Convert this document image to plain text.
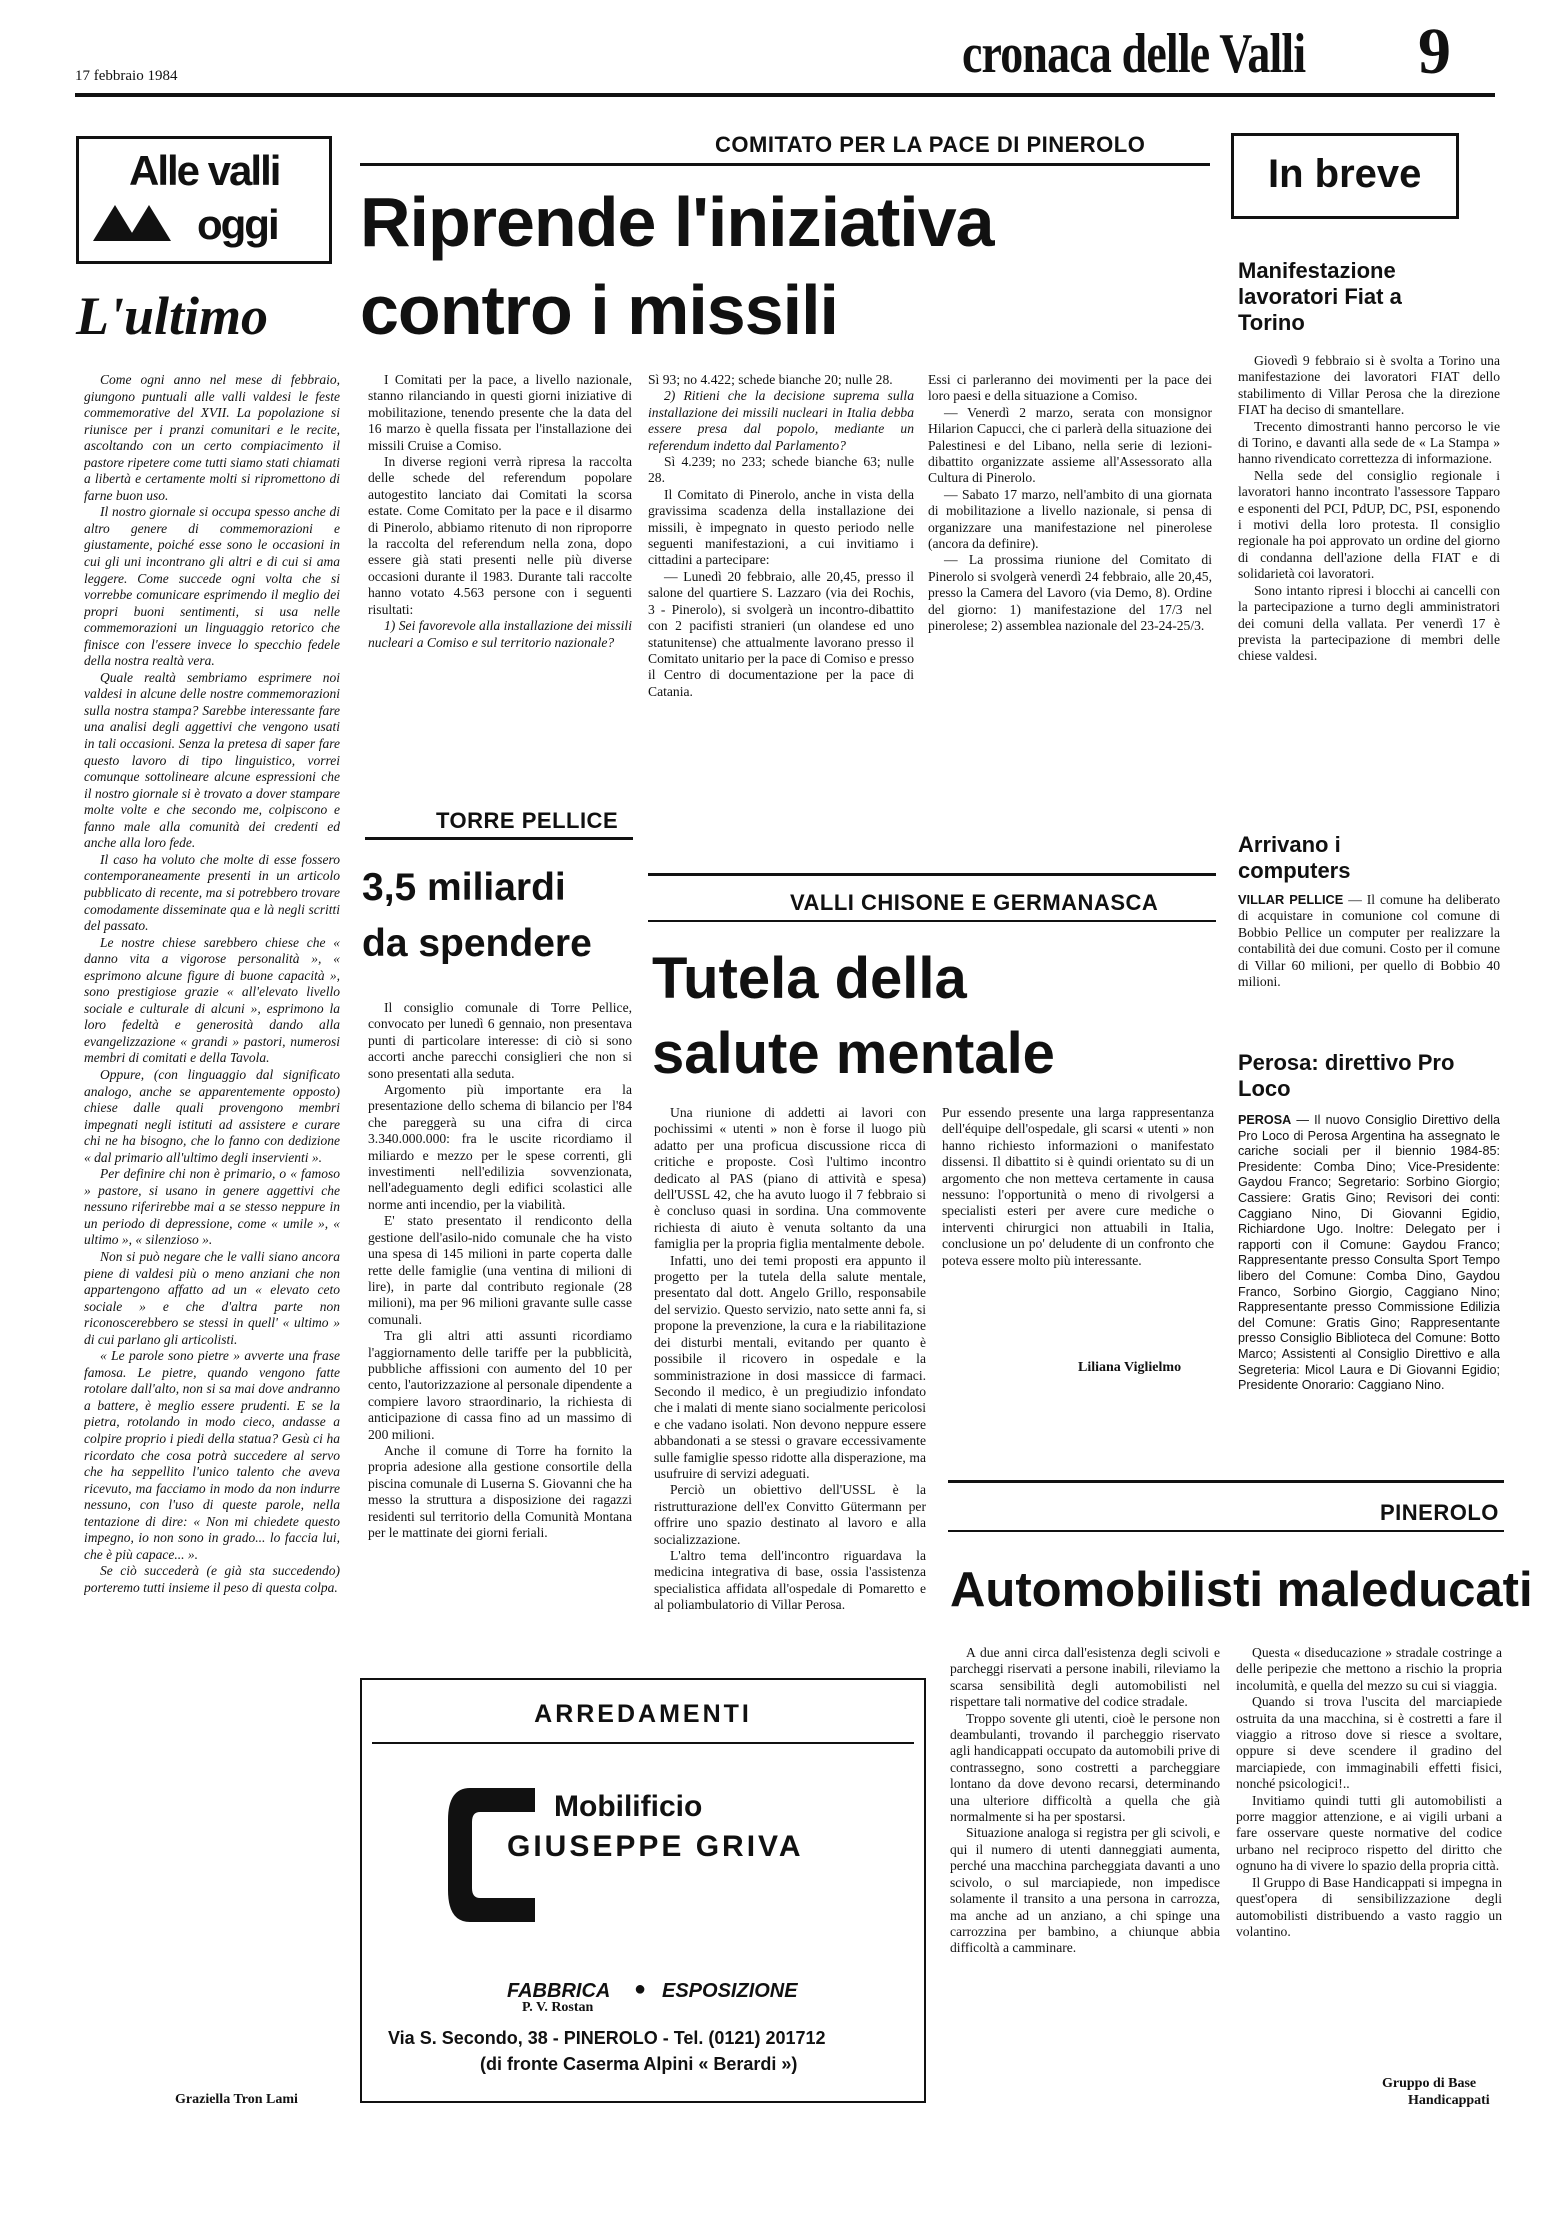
17 febbraio 1984	cronaca delle Valli 9
Alle valli
oggi
L'ultimo

Come ogni anno nel mese di febbraio, giungono puntuali alle valli valdesi le feste commemorative del XVII. La popolazione si riunisce per i pranzi comunitari e le recite, ascoltando con un certo compiacimento il pastore ripetere come tutti siamo stati chiamati a libertà e certamente molti si ripromettono di farne buon uso.

Il nostro giornale si occupa spesso anche di altro genere di commemorazioni e giustamente, poiché esse sono le occasioni in cui gli uni incontrano gli altri e di cui si ama leggere. Come succede ogni volta che si vorrebbe comunicare esprimendo il meglio dei propri buoni sentimenti, si usa nelle commemorazioni un linguaggio retorico che finisce con l'essere invece lo specchio fedele della nostra realtà vera.

Quale realtà sembriamo esprimere noi valdesi in alcune delle nostre commemorazioni sulla nostra stampa? Sarebbe interessante fare una analisi degli aggettivi che vengono usati in tali occasioni. Senza la pretesa di saper fare questo lavoro di tipo linguistico, vorrei comunque sottolineare alcune espressioni che il nostro giornale si è trovato a dover stampare molte volte e che secondo me, colpiscono e fanno male alla comunità dei credenti ed anche alla loro fede.

Il caso ha voluto che molte di esse fossero contemporaneamente presenti in un articolo pubblicato di recente, ma si potrebbero trovare comodamente disseminate qua e là negli scritti del passato.

Le nostre chiese sarebbero chiese che « danno vita a vigorose personalità », « esprimono alcune figure di buone capacità », sono prestigiose grazie « all'elevato livello sociale e culturale di alcuni », esprimono la loro fedeltà e generosità dando alla evangelizzazione « grandi » pastori, numerosi membri di comitati e della Tavola.

Oppure, (con linguaggio dal significato analogo, anche se apparentemente opposto) chiese dalle quali provengono membri impegnati negli istituti ad assistere e curare chi ne ha bisogno, che lo fanno con dedizione « dal primario all'ultimo degli inservienti ».

Per definire chi non è primario, o « famoso » pastore, si usano in genere aggettivi che nessuno riferirebbe mai a se stesso neppure in un periodo di depressione, come « umile », « ultimo », « silenzioso ».

Non si può negare che le valli siano ancora piene di valdesi più o meno anziani che non appartengono affatto ad un « elevato ceto sociale » e che d'altra parte non riconoscerebbero se stessi in quell' « ultimo » di cui parlano gli articolisti.

« Le parole sono pietre » avverte una frase famosa. Le pietre, quando vengono fatte rotolare dall'alto, non si sa mai dove andranno a battere, è meglio essere prudenti. E se la pietra, rotolando in modo cieco, andasse a colpire proprio i piedi della statua? Gesù ci ha ricordato che cosa potrà succedere al servo che ha seppellito l'unico talento che aveva ricevuto, ma facciamo in modo da non indurre nessuno, con l'uso di queste parole, nella tentazione di dire: « Non mi chiedete questo impegno, io non sono in grado... lo faccia lui, che è più capace... ».

Se ciò succederà (e già sta succedendo) porteremo tutti insieme il peso di questa colpa.

Graziella Tron Lami
COMITATO PER LA PACE DI PINEROLO
Riprende l'iniziativa
contro i missili

I Comitati per la pace, a livello nazionale, stanno rilanciando in questi giorni iniziative di mobilitazione, tenendo presente che la data del 16 marzo è quella fissata per l'installazione dei missili Cruise a Comiso.

In diverse regioni verrà ripresa la raccolta delle schede del referendum popolare autogestito lanciato dai Comitati la scorsa estate. Come Comitato per la pace e il disarmo di Pinerolo, abbiamo ritenuto di non riproporre la raccolta del referendum nella zona, dopo essere già stati presenti nelle più diverse occasioni durante il 1983. Durante tali raccolte hanno votato 4.563 persone con i seguenti risultati:

1) Sei favorevole alla installazione dei missili nucleari a Comiso e sul territorio nazionale?

Sì 93; no 4.422; schede bianche 20; nulle 28.

2) Ritieni che la decisione suprema sulla installazione dei missili nucleari in Italia debba essere presa dal popolo, mediante un referendum indetto dal Parlamento?

Sì 4.239; no 233; schede bianche 63; nulle 28.

Il Comitato di Pinerolo, anche in vista della gravissima scadenza della installazione dei missili, è impegnato in questo periodo nelle seguenti manifestazioni, a cui invitiamo i cittadini a partecipare:

— Lunedì 20 febbraio, alle 20,45, presso il salone del quartiere S. Lazzaro (via dei Rochis, 3 - Pinerolo), si svolgerà un incontro-dibattito con 2 pacifisti stranieri (un olandese ed uno statunitense) che attualmente lavorano presso il Comitato unitario per la pace di Comiso e presso il Centro di documentazione per la pace di Catania.

Essi ci parleranno dei movimenti per la pace dei loro paesi e della situazione a Comiso.

— Venerdì 2 marzo, serata con monsignor Hilarion Capucci, che ci parlerà della situazione dei Palestinesi e del Libano, nella serie di lezioni-dibattito organizzate assieme all'Assessorato alla Cultura di Pinerolo.

— Sabato 17 marzo, nell'ambito di una giornata di mobilitazione a livello nazionale, si pensa di organizzare una manifestazione nel pinerolese (ancora da definire).

— La prossima riunione del Comitato di Pinerolo si svolgerà venerdì 24 febbraio, alle 20,45, presso la Camera del Lavoro (via Demo, 8). Ordine del giorno: 1) manifestazione del 17/3 nel pinerolese; 2) assemblea nazionale del 23-24-25/3.

TORRE PELLICE
3,5 miliardi
da spendere

Il consiglio comunale di Torre Pellice, convocato per lunedì 6 gennaio, non presentava punti di particolare interesse: di ciò si sono accorti anche parecchi consiglieri che non si sono presentati alla seduta.

Argomento più importante era la presentazione dello schema di bilancio per l'84 che pareggerà su una cifra di circa 3.340.000.000: fra le uscite ricordiamo il miliardo e mezzo per le spese correnti, gli investimenti nell'edilizia sovvenzionata, nell'adeguamento degli edifici scolastici alle norme anti incendio, per la viabilità.

E' stato presentato il rendiconto della gestione dell'asilo-nido comunale che ha visto una spesa di 145 milioni in parte coperta dalle rette delle famiglie (una ventina di milioni di lire), in parte dal contributo regionale (28 milioni), ma per 96 milioni gravante sulle casse comunali.

Tra gli altri atti assunti ricordiamo l'aggiornamento delle tariffe per la pubblicità, pubbliche affissioni con aumento del 10 per cento, l'autorizzazione al personale dipendente a compiere lavoro straordinario, la richiesta di anticipazione di cassa fino ad un massimo di 200 milioni.

Anche il comune di Torre ha fornito la propria adesione alla gestione consortile della piscina comunale di Luserna S. Giovanni che ha messo la struttura a disposizione dei ragazzi residenti sul territorio della Comunità Montana per le mattinate dei giorni feriali.

P. V. Rostan
VALLI CHISONE E GERMANASCA
Tutela della
salute mentale

Una riunione di addetti ai lavori con pochissimi « utenti » non è forse il luogo più adatto per una proficua discussione ricca di critiche e proposte. Così l'ultimo incontro dedicato al PAS (piano di attività e spesa) dell'USSL 42, che ha avuto luogo il 7 febbraio si è concluso quasi in sordina. Una commovente richiesta di aiuto è venuta soltanto da una famiglia per la propria figlia mentalmente debole.

Infatti, uno dei temi proposti era appunto il progetto per la tutela della salute mentale, presentato dal dott. Angelo Grillo, responsabile del servizio. Questo servizio, nato sette anni fa, si propone la prevenzione, la cura e la riabilitazione dei disturbi mentali, evitando per quanto è possibile il ricovero in ospedale e la somministrazione in dosi massicce di farmaci. Secondo il medico, è un pregiudizio infondato che i malati di mente siano socialmente pericolosi e che vadano isolati. Non devono neppure essere abbandonati a se stessi o gravare eccessivamente sulle famiglie spesso ridotte alla disperazione, ma usufruire di servizi adeguati.

Perciò un obiettivo dell'USSL è la ristrutturazione dell'ex Convitto Gütermann per offrire uno spazio destinato al lavoro e alla socializzazione.

L'altro tema dell'incontro riguardava la medicina integrativa di base, ossia l'assistenza specialistica affidata all'ospedale di Pomaretto e al poliambulatorio di Villar Perosa.

Pur essendo presente una larga rappresentanza dell'équipe dell'ospedale, gli scarsi « utenti » non hanno richiesto informazioni o manifestato dissensi. Il dibattito si è quindi orientato su di un argomento che non metteva certamente in causa nessuno: l'opportunità o meno di rivolgersi a specialisti esteri per avere cure mediche o interventi chirurgici non attuabili in Italia, conclusione un po' deludente di un confronto che poteva essere molto più interessante.

Liliana Viglielmo
ARREDAMENTI
Mobilificio
GIUSEPPE GRIVA
FABBRICA ● ESPOSIZIONE
Via S. Secondo, 38 - PINEROLO - Tel. (0121) 201712
(di fronte Caserma Alpini « Berardi »)
In breve
Manifestazione lavoratori Fiat a Torino

Giovedì 9 febbraio si è svolta a Torino una manifestazione dei lavoratori FIAT dello stabilimento di Villar Perosa che la direzione FIAT ha deciso di smantellare.

Trecento dimostranti hanno percorso le vie di Torino, e davanti alla sede de « La Stampa » hanno rivendicato correttezza di informazione.

Nella sede del consiglio regionale i lavoratori hanno incontrato l'assessore Tapparo e esponenti del PCI, PdUP, DC, PSI, esponendo i motivi della loro protesta. Il consiglio regionale ha poi approvato un ordine del giorno di condanna dell'azione della FIAT e di solidarietà coi lavoratori.

Sono intanto ripresi i blocchi ai cancelli con la partecipazione a turno degli amministratori dei comuni della vallata. Per venerdì 17 è prevista la partecipazione di membri delle chiese valdesi.

Arrivano i computers

VILLAR PELLICE — Il comune ha deliberato di acquistare in comunione col comune di Bobbio Pellice un computer per realizzare la contabilità dei due comuni. Costo per il comune di Villar 60 milioni, per quello di Bobbio 40 milioni.

Perosa: direttivo Pro Loco
PEROSA — Il nuovo Consiglio Direttivo della Pro Loco di Perosa Argentina ha assegnato le cariche sociali per il biennio 1984-85: Presidente: Comba Dino; Vice-Presidente: Gaydou Franco; Segretario: Sorbino Giorgio; Cassiere: Gratis Gino; Revisori dei conti: Caggiano Nino, Di Giovanni Egidio, Richiardone Ugo. Inoltre: Delegato per i rapporti con il Comune: Gaydou Franco; Rappresentante presso Consulta Sport Tempo libero del Comune: Comba Dino, Gaydou Franco, Sorbino Giorgio, Caggiano Nino; Rappresentante presso Commissione Edilizia del Comune: Gratis Gino; Rappresentante presso Consiglio Biblioteca del Comune: Botto Marco; Assistenti al Consiglio Direttivo e alla Segreteria: Micol Laura e Di Giovanni Egidio; Presidente Onorario: Caggiano Nino.
PINEROLO
Automobilisti maleducati

A due anni circa dall'esistenza degli scivoli e parcheggi riservati a persone inabili, rileviamo la scarsa sensibilità degli automobilisti nel rispettare tali normative del codice stradale.

Troppo sovente gli utenti, cioè le persone non deambulanti, trovando il parcheggio riservato agli handicappati occupato da automobili prive di contrassegno, sono costretti a parcheggiare lontano da dove devono recarsi, determinando una ulteriore difficoltà a quella che già normalmente si ha per spostarsi.

Situazione analoga si registra per gli scivoli, e qui il numero di utenti danneggiati aumenta, perché una macchina parcheggiata davanti a uno scivolo, o sul marciapiede, non impedisce solamente il transito a una persona in carrozza, ma anche ad un anziano, a chi spinge una carrozzina per bambino, a chiunque abbia difficoltà a camminare.

Questa « diseducazione » stradale costringe a delle peripezie che mettono a rischio la propria incolumità, e quella del mezzo su cui si viaggia.

Quando si trova l'uscita del marciapiede ostruita da una macchina, si è costretti a fare il viaggio a ritroso dove si riesce a svoltare, oppure si deve scendere il gradino del marciapiede, con immaginabili effetti fisici, nonché psicologici!..

Invitiamo quindi tutti gli automobilisti a porre maggior attenzione, e ai vigili urbani a fare osservare queste normative del codice urbano nel reciproco rispetto del diritto che ognuno ha di vivere lo spazio della propria città.

Il Gruppo di Base Handicappati si impegna in quest'opera di sensibilizzazione degli automobilisti distribuendo a vasto raggio un volantino.

Gruppo di Base
Handicappati
